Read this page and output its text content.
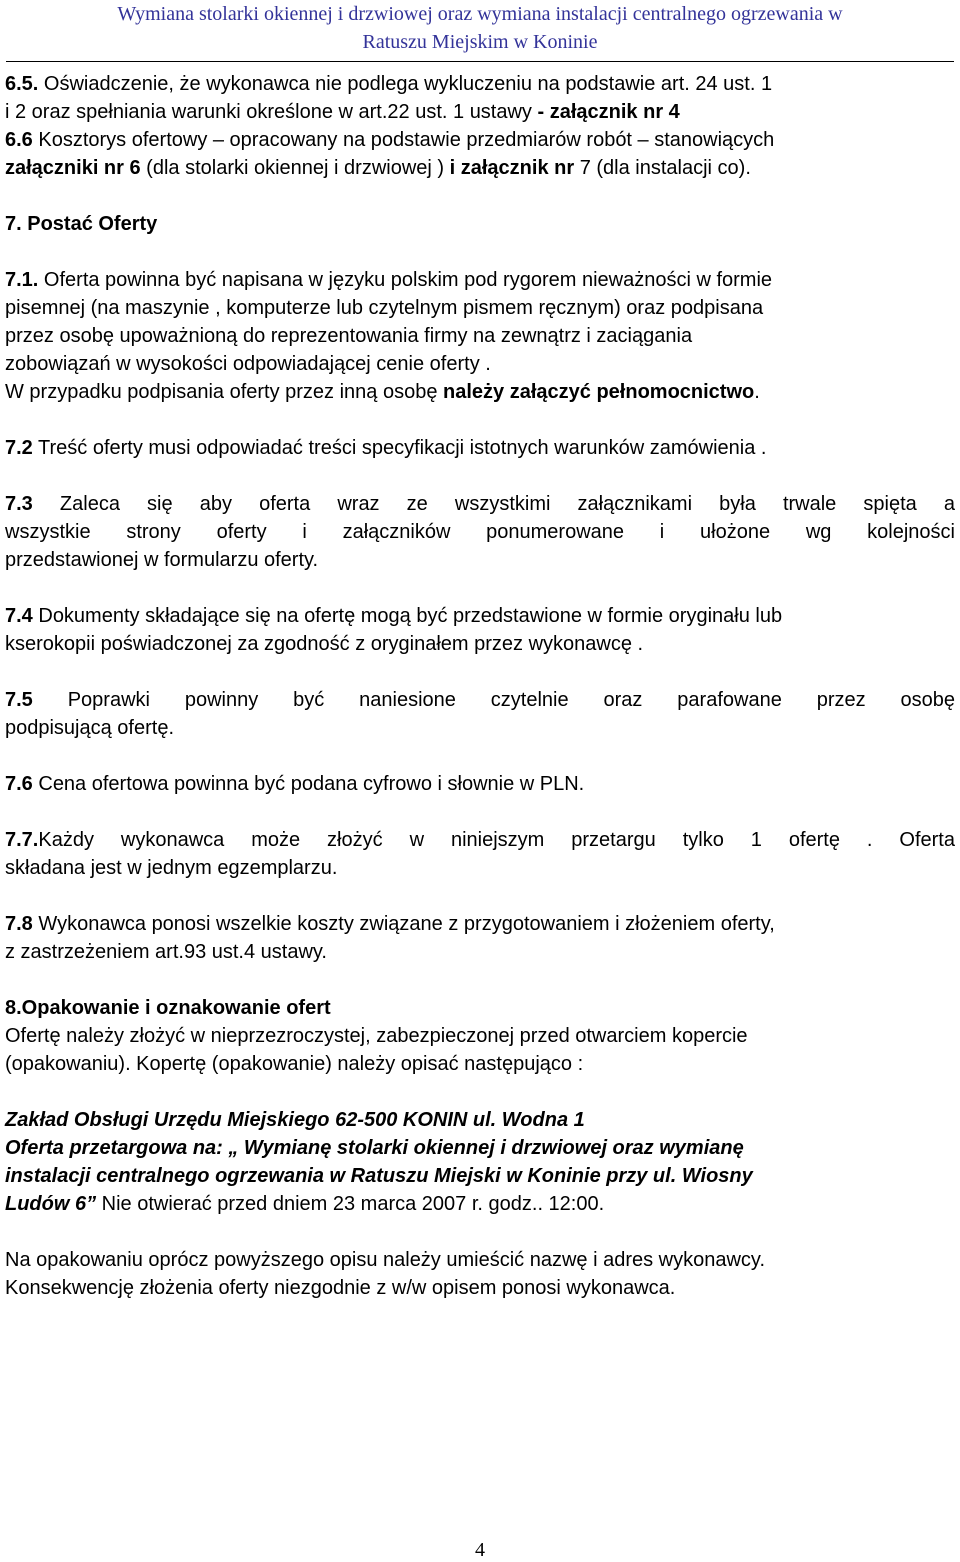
Wymiana stolarki okiennej i drzwiowej oraz wymiana instalacji centralnego ogrzewania w
Ratuszu Miejskim w Koninie
6.5. Oświadczenie, że wykonawca nie podlega wykluczeniu na podstawie art. 24 ust. 1
i 2 oraz spełniania warunki określone w art.22 ust. 1 ustawy - załącznik nr 4
6.6 Kosztorys ofertowy – opracowany na podstawie przedmiarów robót – stanowiących
załączniki nr 6 (dla stolarki okiennej i drzwiowej ) i załącznik nr 7 (dla instalacji co).
7. Postać Oferty
7.1. Oferta powinna być napisana w języku polskim pod rygorem nieważności w formie
pisemnej (na maszynie , komputerze lub czytelnym pismem ręcznym) oraz podpisana
przez osobę upoważnioną do reprezentowania firmy na zewnątrz i zaciągania
zobowiązań w wysokości odpowiadającej cenie oferty .
W przypadku podpisania oferty przez inną osobę należy załączyć pełnomocnictwo.
7.2 Treść oferty musi odpowiadać treści specyfikacji istotnych warunków zamówienia .
7.3 Zaleca się aby oferta wraz ze wszystkimi załącznikami była trwale spięta a
wszystkie strony oferty i załączników ponumerowane i ułożone wg kolejności
przedstawionej w formularzu oferty.
7.4 Dokumenty składające się na ofertę mogą być przedstawione w formie oryginału lub
kserokopii poświadczonej za zgodność z oryginałem przez wykonawcę .
7.5 Poprawki powinny być naniesione czytelnie oraz parafowane przez osobę
podpisującą ofertę.
7.6 Cena ofertowa powinna być podana cyfrowo i słownie w PLN.
7.7.Każdy wykonawca może złożyć w niniejszym przetargu tylko 1 ofertę . Oferta
składana jest w jednym egzemplarzu.
7.8 Wykonawca ponosi wszelkie koszty związane z przygotowaniem i złożeniem oferty,
z zastrzeżeniem art.93 ust.4 ustawy.
8.Opakowanie i oznakowanie ofert
Ofertę należy złożyć w nieprzezroczystej, zabezpieczonej przed otwarciem kopercie
(opakowaniu). Kopertę (opakowanie) należy opisać następująco :
Zakład Obsługi Urzędu Miejskiego 62-500 KONIN ul. Wodna 1
Oferta przetargowa na: „ Wymianę stolarki okiennej i drzwiowej oraz wymianę
instalacji centralnego ogrzewania w Ratuszu Miejski w Koninie przy ul. Wiosny
Ludów 6” Nie otwierać przed dniem 23 marca 2007 r. godz.. 12:00.
Na opakowaniu oprócz powyższego opisu należy umieścić nazwę i adres wykonawcy.
Konsekwencję złożenia oferty niezgodnie z w/w opisem ponosi wykonawca.
4
